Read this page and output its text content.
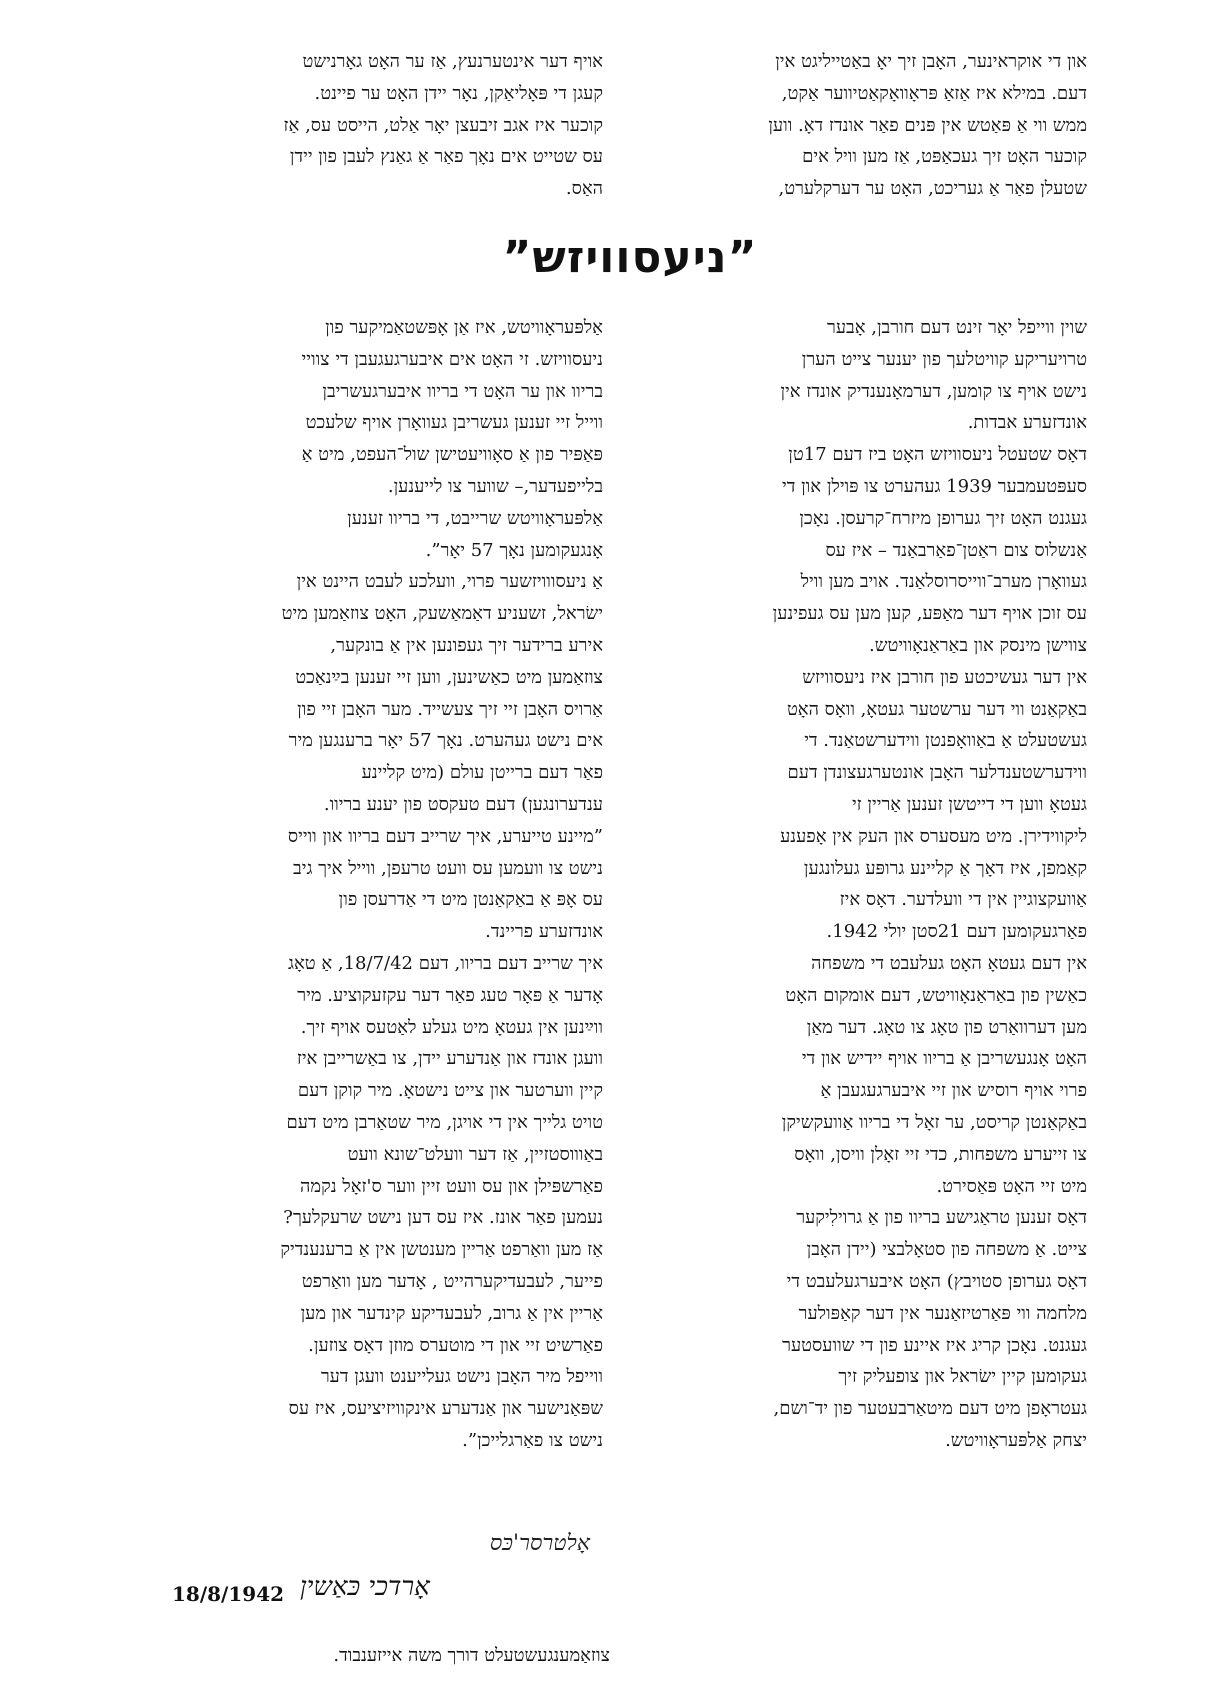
און די אוקראינער, האָבן זיך יאָ באַטייליגט אין
דעם. במילא איז אַזאַ פּראָוואָקאַטיווער אַקט,
ממש ווי אַ פּאַטש אין פּנים פאַר אונדז דאָ. ווען
קוכער האָט זיך געכאַפּט, אַז מען וויל אים
שטעלן פאַר אַ געריכט, האָט ער דערקלערט,
אויף דער אינטערנעץ, אַז ער האָט גאָרנישט
קעגן די פּאָליאַקן, נאָר יידן האָט ער פיינט.
קוכער איז אגב זיבעצן יאָר אַלט, הייסט עס, אַז
עס שטייט אים נאָך פאַר אַ גאַנץ לעבן פון יידן
האַס.
”ניעסוויזש”
שוין ווייפל יאָר זינט דעם חורבן, אָבער
טרויעריקע קוויטלעך פון יענער צייט הערן
נישט אויף צו קומען, דערמאָנענדיק אונדז אין
אונדזערע אבדות.
דאָס שטעטל ניעסוויזש האָט ביז דעם 17טן
סעפּטעמבער 1939 געהערט צו פּוילן און די
געגנט האָט זיך גערופן מיזרח־קרעסן. נאָכן
אַנשלוס צום ראַטן־פאַרבאַנד – איז עס
געוואָרן מערב־ווייסרוסלאַנד. אויב מען וויל
עס זוכן אויף דער מאַפּע, קען מען עס געפינען
צווישן מינסק און באַראַנאָוויטש.
אין דער געשיכטע פון חורבן איז ניעסוויזש
באַקאַנט ווי דער ערשטער געטאָ, וואָס האָט
געשטעלט אַ באַוואָפנטן ווידערשטאַנד. די
ווידערשטענדלער האָבן אונטערגעצונדן דעם
געטאָ ווען די דייטשן זענען אַריין זי
ליקווידירן. מיט מעסערס און העק אין אָפענע
קאַמפן, איז דאָך אַ קליינע גרופּע געלונגען
אַוועקצוגיין אין די וועלדער. דאָס איז
פאַרגעקומען דעם 21סטן יולי 1942.
אין דעם געטאָ האָט געלעבט די משפחה
כאַשין פון באַראַנאָוויטש, דעם אומקום האָט
מען דערוואַרט פון טאָג צו טאָג. דער מאַן
האָט אָנגעשריבן אַ בריוו אויף יידיש און די
פרוי אויף רוסיש און זיי איבערגעגעבן אַ
באַקאַנטן קריסט, ער זאָל די בריוו אַוועקשיקן
צו זייערע משפחות, כדי זיי זאָלן וויסן, וואָס
מיט זיי האָט פּאַסירט.
דאָס זענען טראַגישע בריוו פון אַ גרוילִיקער
צייט. אַ משפחה פון סטאָלבצי (יידן האָבן
דאָס גערופן סטויבץ) האָט איבערגעלעבט די
מלחמה ווי פּאַרטיזאַנער אין דער קאַפּולער
געגנט. נאָכן קריג איז איינע פון די שוועסטער
געקומען קיין ישׂראל און צופעליק זיך
געטראָפן מיט דעם מיטאַרבעטער פון יד־ושם,
יצחק אַלפּעראָוויטש.
אַלפּעראָוויטש, איז אַן אָפּשטאַמיקער פון
ניעסוויזש. זי האָט אים איבערגעגעבן די צוויי
בריוו און ער האָט די בריוו איבערגעשריבן
ווייל זיי זענען געשריבן געוואָרן אויף שלעכט
פּאַפּיר פון אַ סאָוויעטישן שול־העפט, מיט אַ
בלייפעדער,– שווער צו לייענען.
אַלפּעראָוויטש שרייבט, די בריוו זענען
אָנגעקומען נאָך 57 יאָר”.
אַ ניעסווויזשער פרוי, וועלכע לעבט היינט אין
ישׂראל, זשעניע דאַמאַשעק, האָט צוזאַמען מיט
אירע ברידער זיך געפונען אין אַ בונקער,
צוזאַמען מיט כאַשינען, ווען זיי זענען בײַנאַכט
אַרויס האָבן זיי זיך צעשייד. מער האָבן זיי פון
אים נישט געהערט. נאָך 57 יאָר ברענגען מיר
פאַר דעם ברייטן עולם (מיט קליינע
ענדערונגען) דעם טעקסט פון יענע בריוו.
”מיינע טייערע, איך שרייב דעם בריוו און ווייס
נישט צו וועמען עס וועט טרעפן, ווייל איך גיב
עס אָפּ אַ באַקאַנטן מיט די אַדרעסן פון
אונדזערע פריינד.
איך שרייב דעם בריוו, דעם 18/7/42, אַ טאָג
אָדער אַ פּאָר טעג פאַר דער עקזעקוציע. מיר
ווײַנען אין געטאָ מיט געלע לאַטעס אויף זיך.
וועגן אונדז און אַנדערע יידן, צו באַשרייבן איז
קיין ווערטער און צייט נישטאָ. מיר קוקן דעם
טויט גלייך אין די אויגן, מיר שטאַרבן מיט דעם
באַוווסטזיין, אַז דער וועלט־שונא וועט
פאַרשפּילן און עס וועט זיין ווער ס'זאָל נקמה
נעמען פאַר אונז. איז עס דען נישט שרעקלעך?
אַז מען וואַרפט אַריין מענטשן אין אַ ברענענדיק
פייער, לעבעדיקערהייט , אָדער מען וואַרפט
אַריין אין אַ גרוב, לעבעדיקע קינדער און מען
פאַרשיט זיי און די מוטערס מוזן דאָס צוזען.
ווייפל מיר האָבן נישט געלייענט וועגן דער
שפּאַנישער און אַנדערע אינקוויזיציעס, איז עס
נישט צו פאַרגלייכן”.
אָלטרסר'כּס
אָרדכי כּאַשין
18/8/1942
צוזאַמענגעשטעלט דורך משה אייזענבוד.
